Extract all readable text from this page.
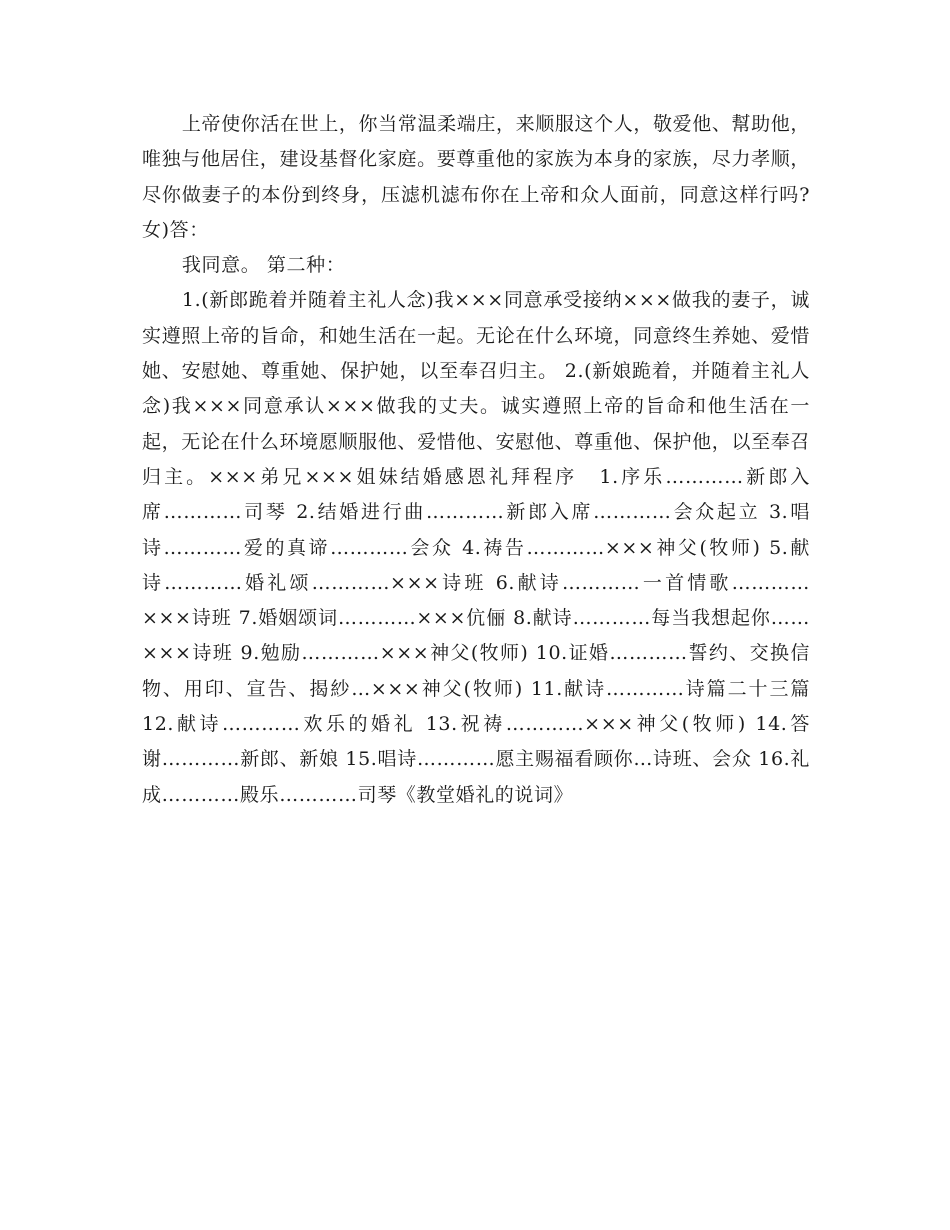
上帝使你活在世上，你当常温柔端庄，来顺服这个人，敬爱他、幫助他，唯独与他居住，建设基督化家庭。要尊重他的家族为本身的家族，尽力孝顺，尽你做妻子的本份到终身，压滤机滤布你在上帝和众人面前，同意这样行吗?女)答：

我同意。 第二种：

1.(新郎跪着并随着主礼人念)我×××同意承受接纳×××做我的妻子，诚实遵照上帝的旨命，和她生活在一起。无论在什么环境，同意终生养她、爱惜她、安慰她、尊重她、保护她，以至奉召归主。 2.(新娘跪着，并随着主礼人念)我×××同意承认×××做我的丈夫。诚实遵照上帝的旨命和他生活在一起，无论在什么环境愿顺服他、爱惜他、安慰他、尊重他、保护他，以至奉召归主。×××弟兄×××姐妹结婚感恩礼拜程序　1.序乐…………新郎入席…………司琴 2.结婚进行曲…………新郎入席…………会众起立 3.唱诗…………爱的真谛…………会众 4.祷告…………×××神父(牧师) 5.献诗…………婚礼颂…………×××诗班 6.献诗…………一首情歌…………×××诗班 7.婚姻颂词…………×××伉俪 8.献诗…………每当我想起你……×××诗班 9.勉励…………×××神父(牧师) 10.证婚…………誓约、交换信物、用印、宣告、揭紗…×××神父(牧师) 11.献诗…………诗篇二十三篇 12.献诗…………欢乐的婚礼 13.祝祷…………×××神父(牧师) 14.答谢…………新郎、新娘 15.唱诗…………愿主赐福看顾你…诗班、会众 16.礼成…………殿乐…………司琴《教堂婚礼的说词》
